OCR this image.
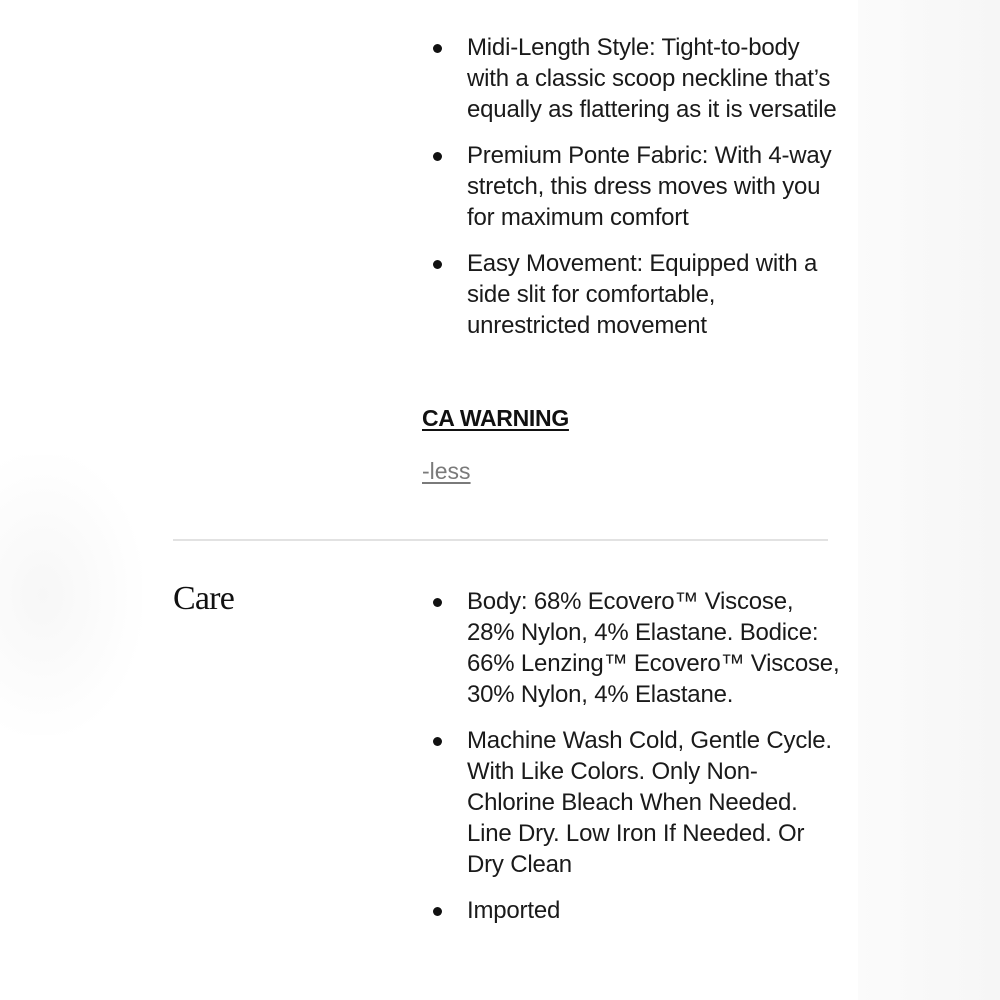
Midi-Length Style: Tight-to-body with a classic scoop neckline that’s equally as flattering as it is versatile
Premium Ponte Fabric: With 4-way stretch, this dress moves with you for maximum comfort
Easy Movement: Equipped with a side slit for comfortable, unrestricted movement
CA WARNING
-less
Care	Body: 68% Ecovero™ Viscose, 28% Nylon, 4% Elastane. Bodice: 66% Lenzing™ Ecovero™ Viscose, 30% Nylon, 4% Elastane.
Machine Wash Cold, Gentle Cycle. With Like Colors. Only Non-Chlorine Bleach When Needed. Line Dry. Low Iron If Needed. Or Dry Clean
Imported
